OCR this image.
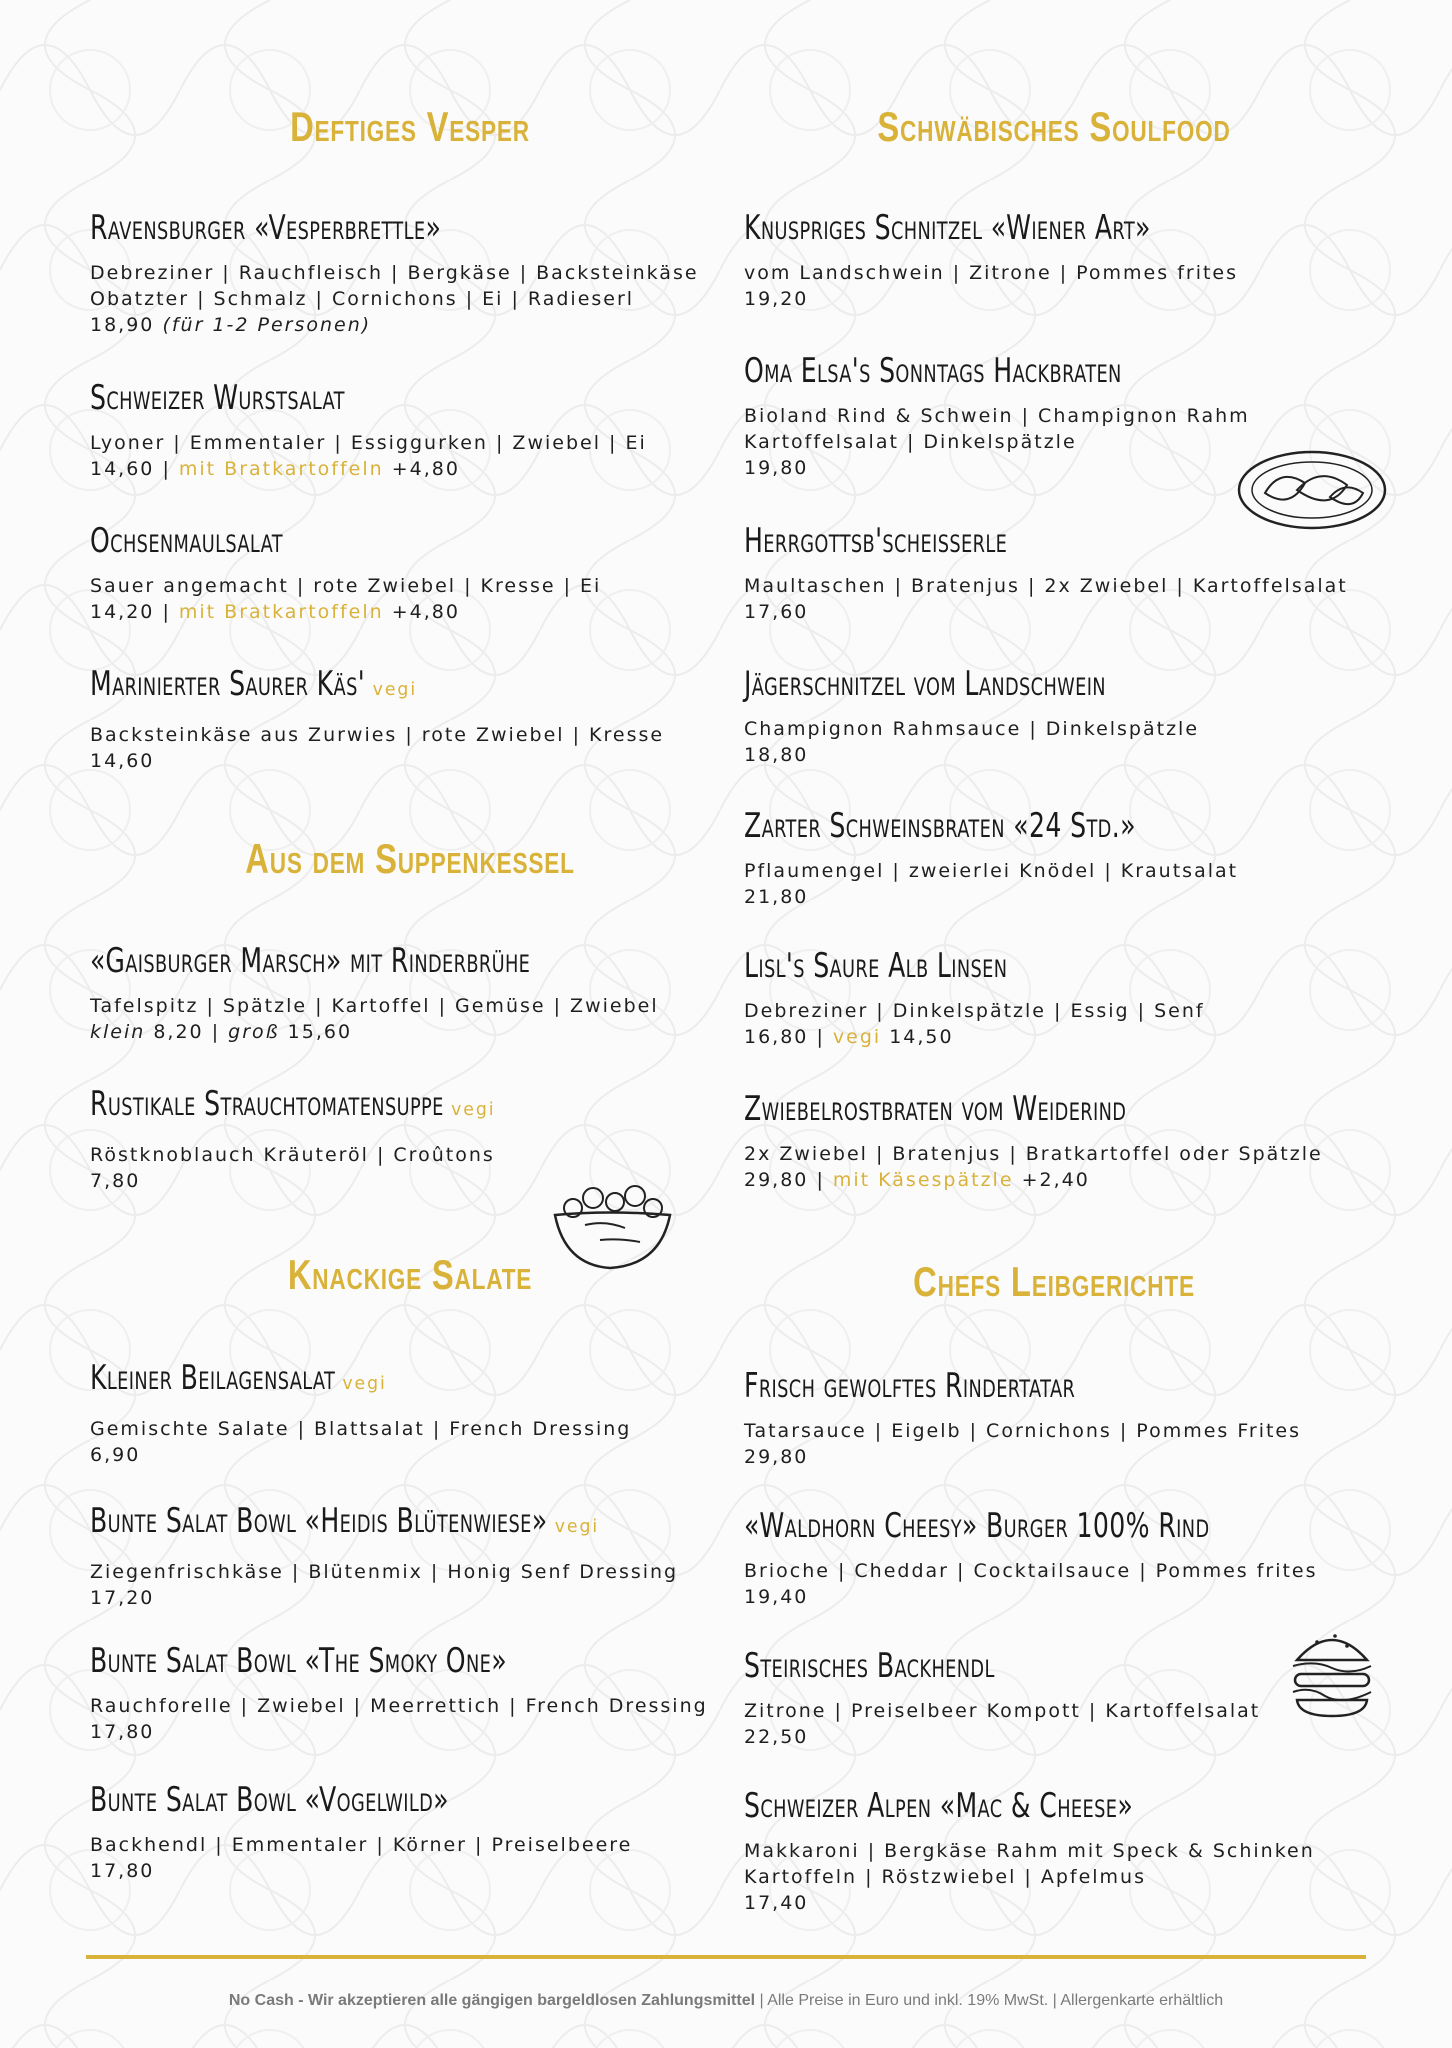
Deftiges Vesper
Ravensburger «Vesperbrettle»
Debreziner | Rauchfleisch | Bergkäse | Backsteinkäse
Obatzter | Schmalz | Cornichons | Ei | Radieserl
18,90 (für 1-2 Personen)
Schweizer Wurstsalat
Lyoner | Emmentaler | Essiggurken | Zwiebel | Ei
14,60 | mit Bratkartoffeln +4,80
Ochsenmaulsalat
Sauer angemacht | rote Zwiebel | Kresse | Ei
14,20 | mit Bratkartoffeln +4,80
Marinierter Saurer Käs' vegi
Backsteinkäse aus Zurwies | rote Zwiebel | Kresse
14,60
Aus dem Suppenkessel
«Gaisburger Marsch» mit Rinderbrühe
Tafelspitz | Spätzle | Kartoffel | Gemüse | Zwiebel
klein 8,20 | groß 15,60
Rustikale Strauchtomatensuppe vegi
Röstknoblauch Kräuteröl | Croûtons
7,80
Knackige Salate
Kleiner Beilagensalat vegi
Gemischte Salate | Blattsalat | French Dressing
6,90
Bunte Salat Bowl «Heidis Blütenwiese» vegi
Ziegenfrischkäse | Blütenmix | Honig Senf Dressing
17,20
Bunte Salat Bowl «The Smoky One»
Rauchforelle | Zwiebel | Meerrettich | French Dressing
17,80
Bunte Salat Bowl «Vogelwild»
Backhendl | Emmentaler | Körner | Preiselbeere
17,80
Schwäbisches Soulfood
Knuspriges Schnitzel «Wiener Art»
vom Landschwein | Zitrone | Pommes frites
19,20
Oma Elsa's Sonntags Hackbraten
Bioland Rind & Schwein | Champignon Rahm
Kartoffelsalat | Dinkelspätzle
19,80
Herrgottsb'scheisserle
Maultaschen | Bratenjus | 2x Zwiebel | Kartoffelsalat
17,60
Jägerschnitzel vom Landschwein
Champignon Rahmsauce | Dinkelspätzle
18,80
Zarter Schweinsbraten «24 Std.»
Pflaumengel | zweierlei Knödel | Krautsalat
21,80
Lisl's Saure Alb Linsen
Debreziner | Dinkelspätzle | Essig | Senf
16,80 | vegi 14,50
Zwiebelrostbraten vom Weiderind
2x Zwiebel | Bratenjus | Bratkartoffel oder Spätzle
29,80 | mit Käsespätzle +2,40
Chefs Leibgerichte
Frisch gewolftes Rindertatar
Tatarsauce | Eigelb | Cornichons | Pommes Frites
29,80
«Waldhorn Cheesy» Burger 100% Rind
Brioche | Cheddar | Cocktailsauce | Pommes frites
19,40
Steirisches Backhendl
Zitrone | Preiselbeer Kompott | Kartoffelsalat
22,50
Schweizer Alpen «Mac & Cheese»
Makkaroni | Bergkäse Rahm mit Speck & Schinken
Kartoffeln | Röstzwiebel | Apfelmus
17,40
No Cash - Wir akzeptieren alle gängigen bargeldlosen Zahlungsmittel | Alle Preise in Euro und inkl. 19% MwSt. | Allergenkarte erhältlich
